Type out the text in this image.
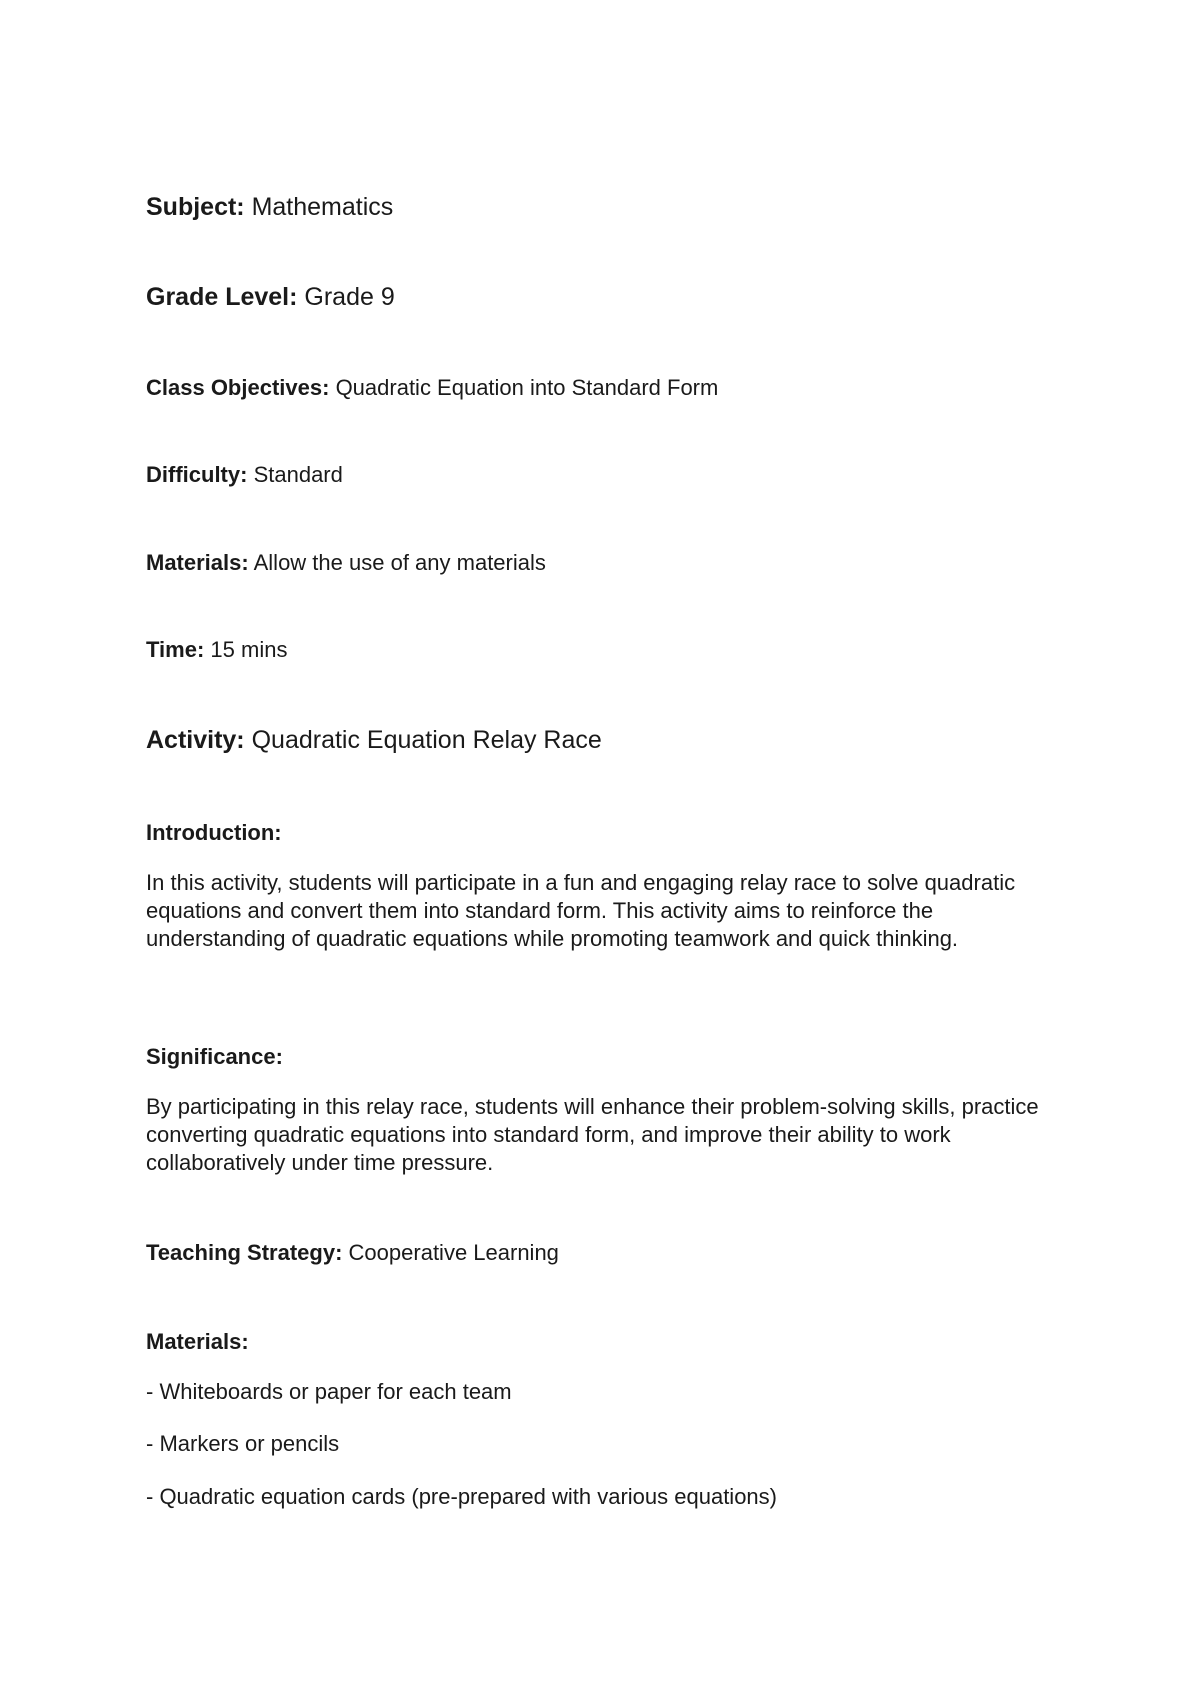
Subject: Mathematics

Grade Level: Grade 9

Class Objectives: Quadratic Equation into Standard Form

Difficulty: Standard

Materials: Allow the use of any materials

Time: 15 mins

Activity: Quadratic Equation Relay Race

Introduction:

In this activity, students will participate in a fun and engaging relay race to solve quadratic equations and convert them into standard form. This activity aims to reinforce the understanding of quadratic equations while promoting teamwork and quick thinking.

Significance:

By participating in this relay race, students will enhance their problem-solving skills, practice converting quadratic equations into standard form, and improve their ability to work collaboratively under time pressure.

Teaching Strategy: Cooperative Learning

Materials:

- Whiteboards or paper for each team

- Markers or pencils

- Quadratic equation cards (pre-prepared with various equations)
